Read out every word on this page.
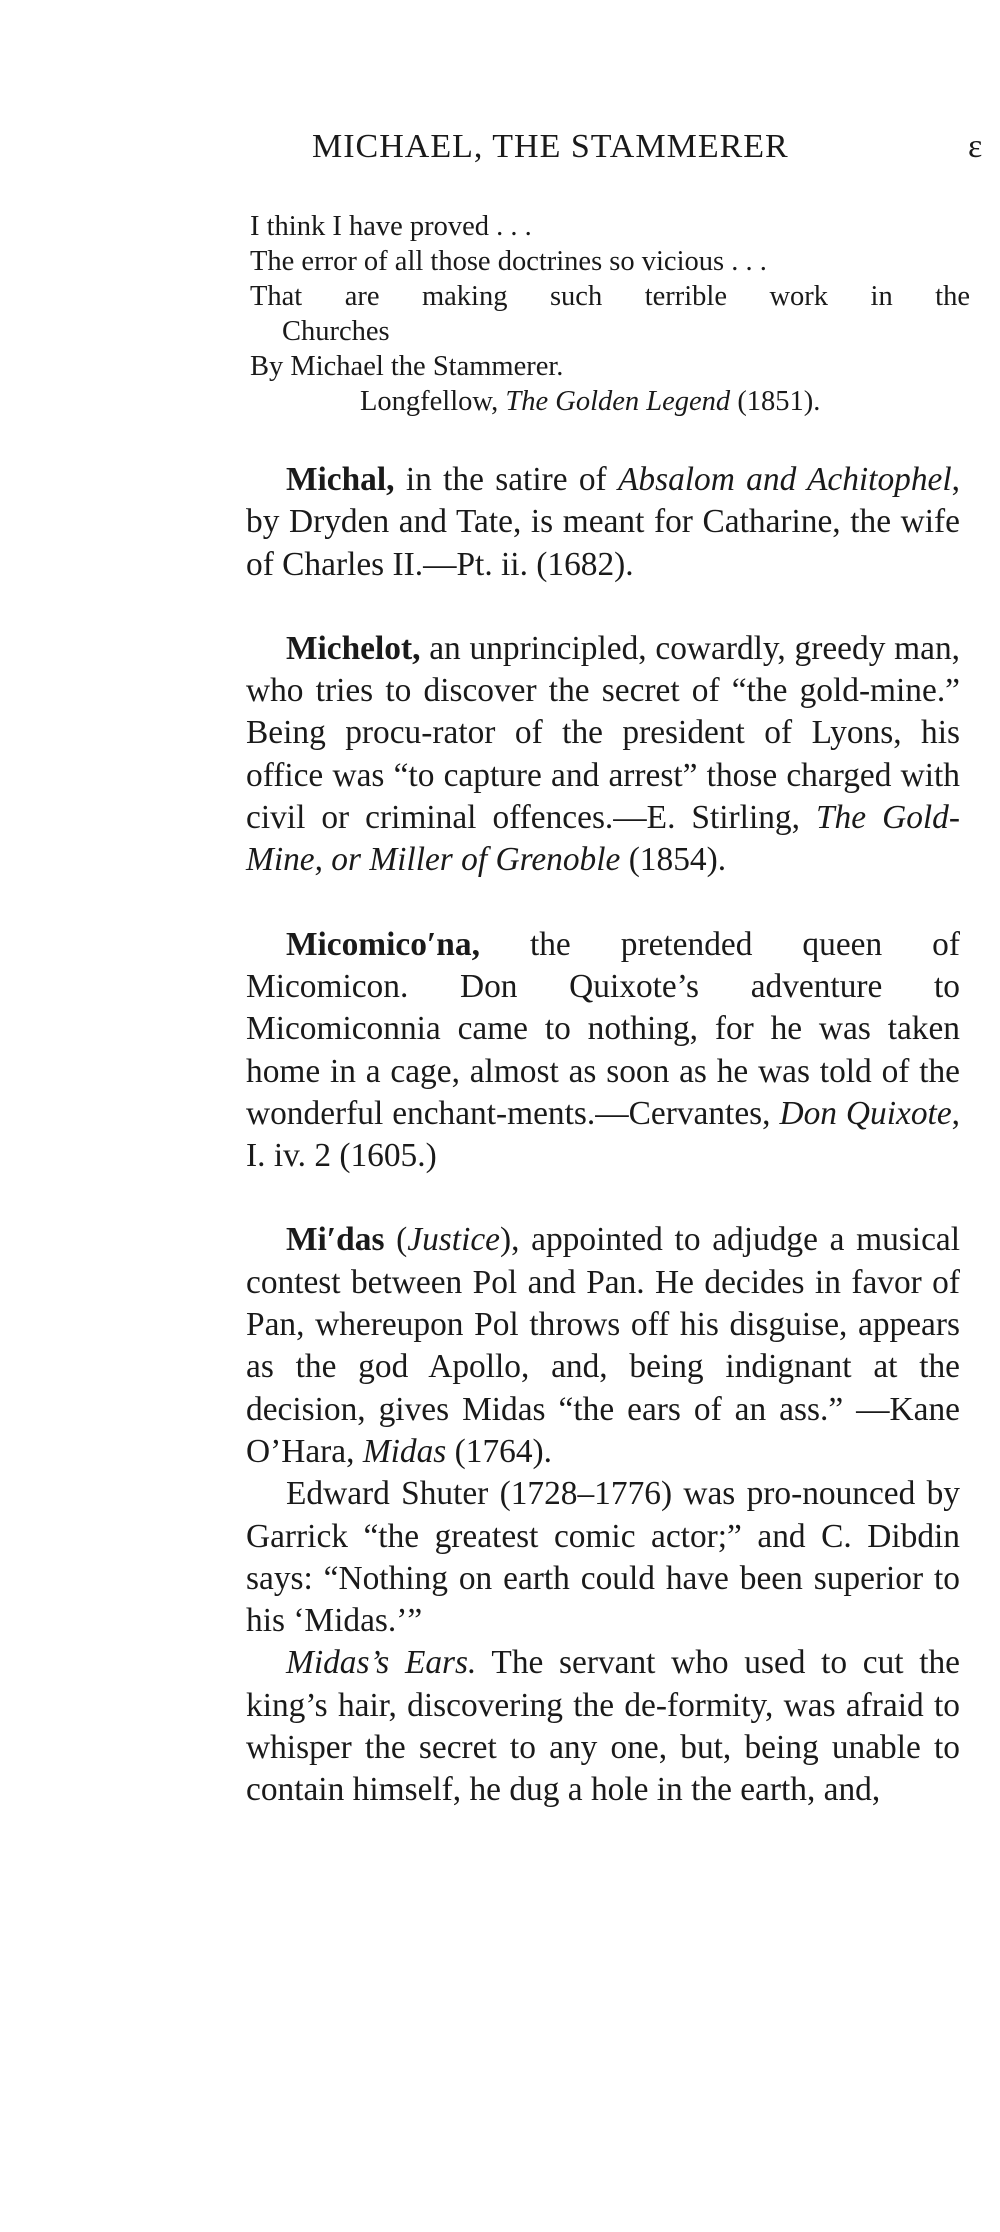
MICHAEL, THE STAMMERER	ɛ
I think I have proved . . .
The error of all those doctrines so vicious . . .
That are making such terrible work in the
Churches
By Michael the Stammerer.
Longfellow, The Golden Legend (1851).

Michal, in the satire of Absalom and Achitophel, by Dryden and Tate, is meant for Catharine, the wife of Charles II.—Pt. ii. (1682).

Michelot, an unprincipled, cowardly, greedy man, who tries to discover the secret of “the gold-mine.” Being procu-rator of the president of Lyons, his office was “to capture and arrest” those charged with civil or criminal offences.—E. Stirling, The Gold-Mine, or Miller of Grenoble (1854).

Micomico′na, the pretended queen of Micomicon. Don Quixote’s adventure to Micomiconnia came to nothing, for he was taken home in a cage, almost as soon as he was told of the wonderful enchant-ments.—Cervantes, Don Quixote, I. iv. 2 (1605.)

Mi′das (Justice), appointed to adjudge a musical contest between Pol and Pan. He decides in favor of Pan, whereupon Pol throws off his disguise, appears as the god Apollo, and, being indignant at the decision, gives Midas “the ears of an ass.” —Kane O’Hara, Midas (1764).

Edward Shuter (1728–1776) was pro-nounced by Garrick “the greatest comic actor;” and C. Dibdin says: “Nothing on earth could have been superior to his ‘Midas.’”

Midas’s Ears. The servant who used to cut the king’s hair, discovering the de-formity, was afraid to whisper the secret to any one, but, being unable to contain himself, he dug a hole in the earth, and,
